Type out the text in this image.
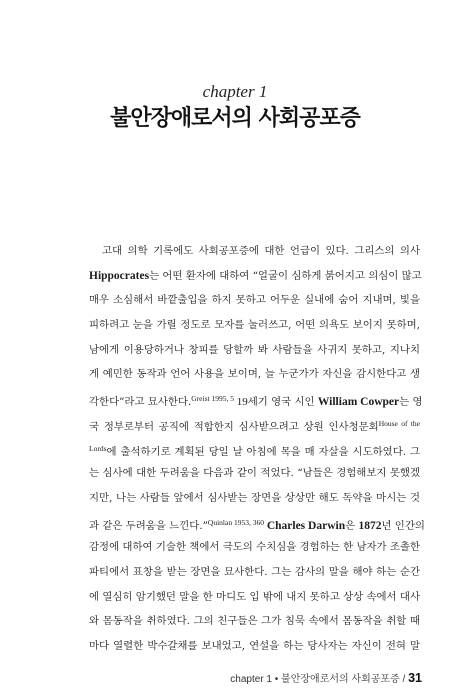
chapter 1
불안장애로서의 사회공포증
고대 의학 기록에도 사회공포증에 대한 언급이 있다. 그리스의 의사
Hippocrates는 어떤 환자에 대하여 “얼굴이 심하게 붉어지고 의심이 많고
매우 소심해서 바깥출입을 하지 못하고 어두운 실내에 숨어 지내며, 빛을
피하려고 눈을 가릴 정도로 모자를 눌러쓰고, 어떤 의욕도 보이지 못하며,
남에게 이용당하거나 창피를 당할까 봐 사람들을 사귀지 못하고, 지나치
게 예민한 동작과 언어 사용을 보이며, 늘 누군가가 자신을 감시한다고 생
각한다”라고 묘사한다.$^{Greist 1995, 5}$ 19세기 영국 시인 William Cowper는 영
국 정부로부터 공직에 적합한지 심사받으려고 상원 인사청문회$^{House of the}$
$^{Lords}$에 출석하기로 계획된 당일 날 아침에 목을 매 자살을 시도하였다. 그
는 심사에 대한 두려움을 다음과 같이 적었다. “남들은 경험해보지 못했겠
지만, 나는 사람들 앞에서 심사받는 장면을 상상만 해도 독약을 마시는 것
과 같은 두려움을 느낀다.”$^{Quinlan 1953, 360}$ Charles Darwin은 1872년 인간의
감정에 대하여 기술한 책에서 극도의 수치심을 경험하는 한 남자가 조촐한
파티에서 표창을 받는 장면을 묘사한다. 그는 감사의 말을 해야 하는 순간
에 열심히 암기했던 말을 한 마디도 입 밖에 내지 못하고 상상 속에서 대사
와 몸동작을 취하였다. 그의 친구들은 그가 침묵 속에서 몸동작을 취할 때
마다 열렬한 박수갈채를 보내었고, 연설을 하는 당사자는 자신이 전혀 말
chapter 1 • 불안장애로서의 사회공포증 / 31
